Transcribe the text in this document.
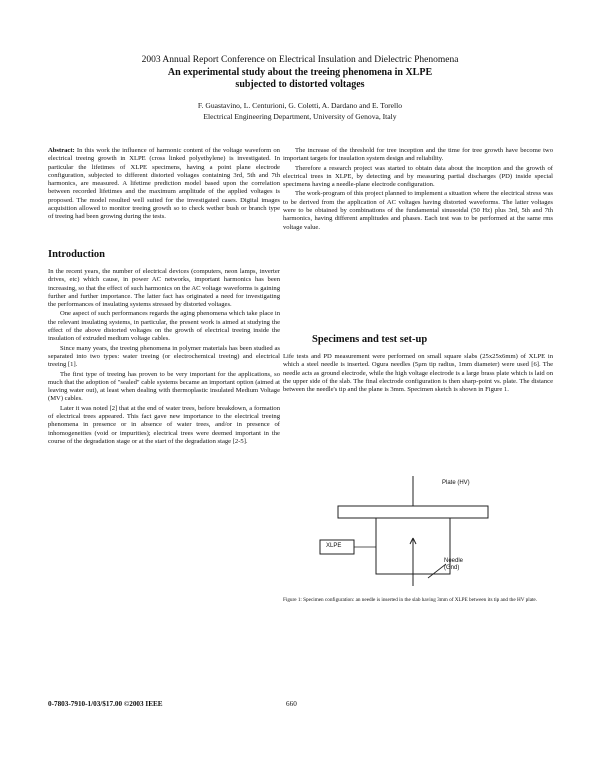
2003 Annual Report Conference on Electrical Insulation and Dielectric Phenomena
An experimental study about the treeing phenomena in XLPE
subjected to distorted voltages
F. Guastavino, L. Centurioni, G. Coletti, A. Dardano and E. Torello
Electrical Engineering Department, University of Genova, Italy

Abstract: In this work the influence of harmonic content of the voltage waveform on electrical treeing growth in XLPE (cross linked polyethylene) is investigated. In particular the lifetimes of XLPE specimens, having a point plane electrode configuration, subjected to different distorted voltages containing 3rd, 5th and 7th harmonics, are measured. A lifetime prediction model based upon the correlation between recorded lifetimes and the maximum amplitude of the applied voltages is proposed. The model resulted well suited for the investigated cases. Digital images acquisition allowed to monitor treeing growth so to check wether bush or branch type of treeing had been growing during the tests.

Introduction

In the recent years, the number of electrical devices (computers, neon lamps, inverter drives, etc) which cause, in power AC networks, important harmonics has been increasing, so that the effect of such harmonics on the AC voltage waveforms is gaining further and further importance. The latter fact has originated a need for investigating the performances of insulating systems stressed by distorted voltages.

One aspect of such performances regards the aging phenomena which take place in the relevant insulating systems, in particular, the present work is aimed at studying the effect of the above distorted voltages on the growth of electrical treeing inside the insulation of extruded medium voltage cables.

Since many years, the treeing phenomena in polymer materials has been studied as separated into two types: water treeing (or electrochemical treeing) and electrical treeing [1].

The first type of treeing has proven to be very important for the applications, so much that the adoption of "sealed" cable systems became an important option (aimed at leaving water out), at least when dealing with thermoplastic insulated Medium Voltage (MV) cables.

Later it was noted [2] that at the end of water trees, before breakdown, a formation of electrical trees appeared. This fact gave new importance to the electrical treeing phenomena in presence or in absence of water trees, and/or in presence of inhomogeneities (void or impurities); electrical trees were deemed important in the course of the degradation stage or at the start of the degradation stage [2-5].

The increase of the threshold for tree inception and the time for tree growth have become two important targets for insulation system design and reliability.

Therefore a research project was started to obtain data about the inception and the growth of electrical trees in XLPE, by detecting and by measuring partial discharges (PD) inside special specimens having a needle-plane electrode configuration.

The work-program of this project planned to implement a situation where the electrical stress was to be derived from the application of AC voltages having distorted waveforms. The latter voltages were to be obtained by combinations of the fundamental sinusoidal (50 Hz) plus 3rd, 5th and 7th harmonics, having different amplitudes and phases. Each test was to be performed at the same rms voltage value.

Specimens and test set-up

Life tests and PD measurement were performed on small square slabs (25x25x6mm) of XLPE in which a steel needle is inserted. Ogura needles (5μm tip radius, 1mm diameter) were used [6]. The needle acts as ground electrode, while the high voltage electrode is a large brass plate which is laid on the upper side of the slab. The final electrode configuration is then sharp-point vs. plate. The distance between the needle's tip and the plane is 3mm. Specimen sketch is shown in Figure 1.

Plate (HV)
XLPE
Needle (Gnd)
Figure 1: Specimen configuration: an needle is inserted in the slab having 3mm of XLPE between its tip and the HV plate.
0-7803-7910-1/03/$17.00 ©2003 IEEE	660
